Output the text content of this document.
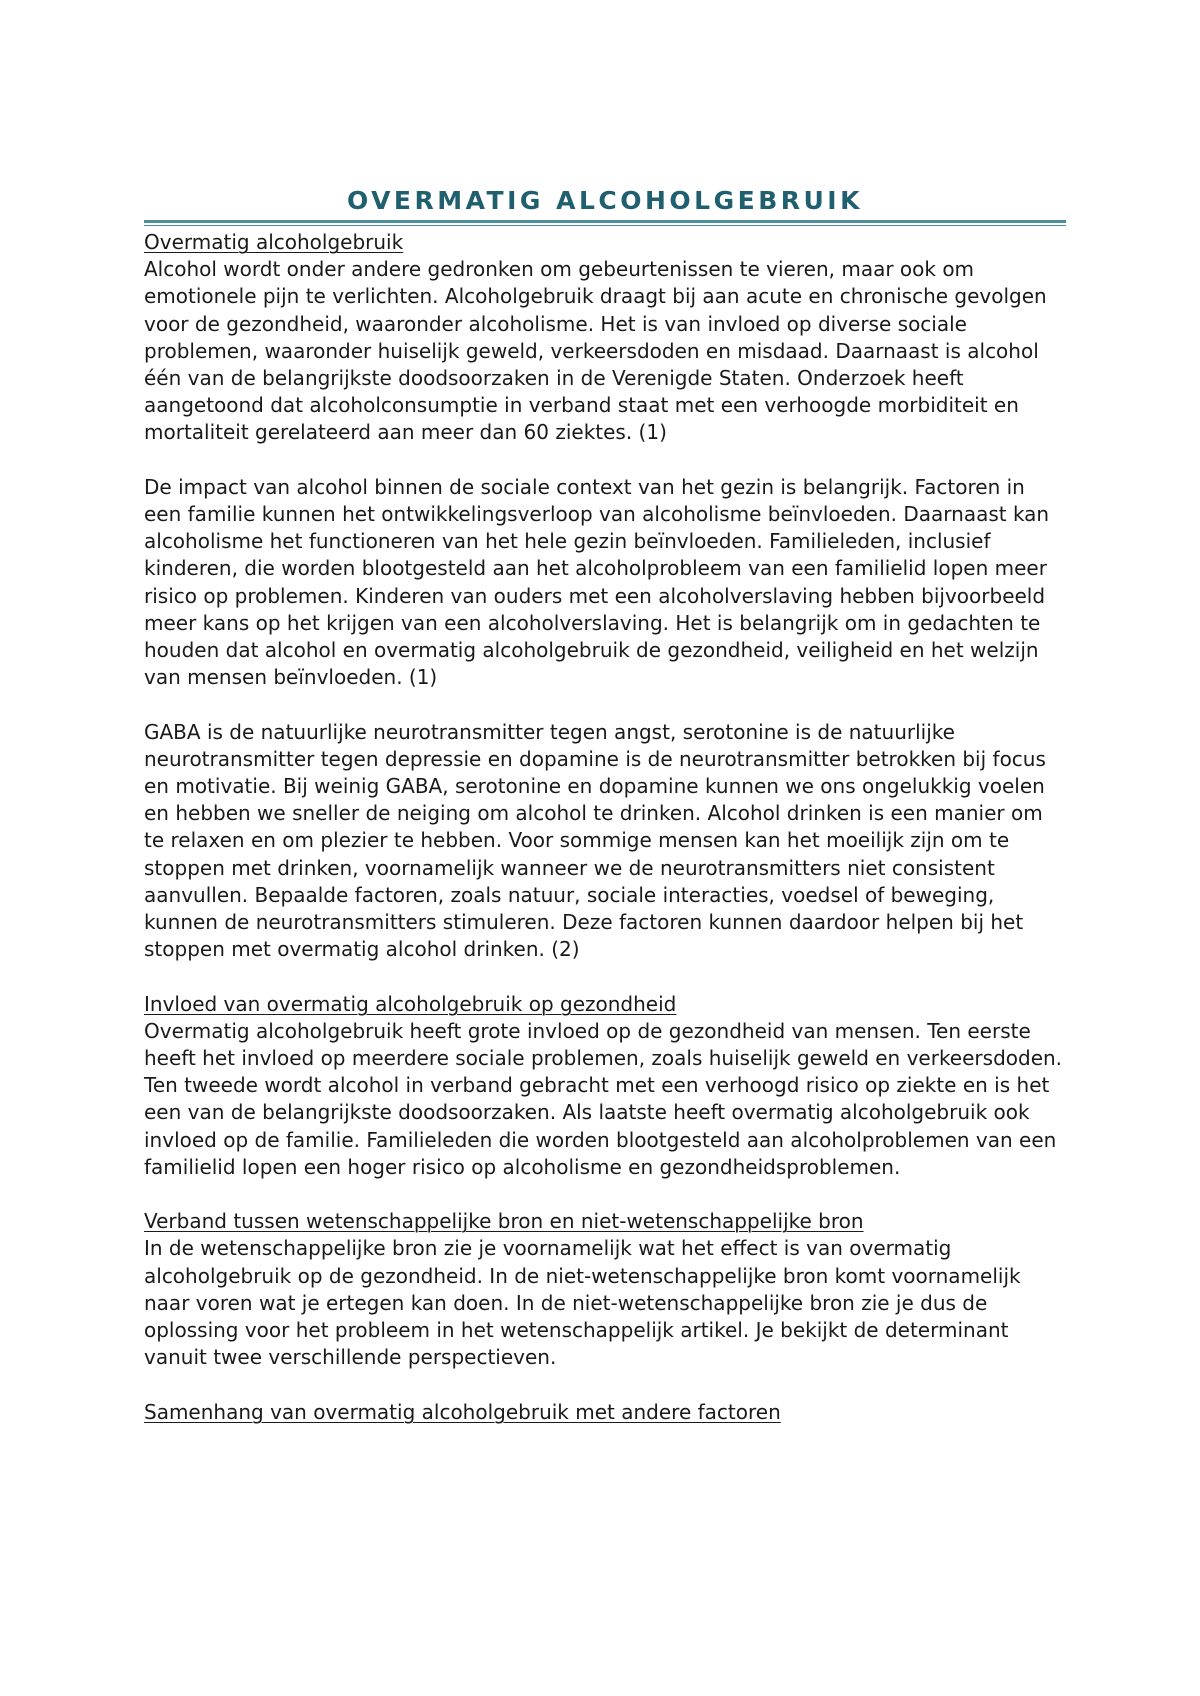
OVERMATIG ALCOHOLGEBRUIK

Overmatig alcoholgebruik

Alcohol wordt onder andere gedronken om gebeurtenissen te vieren, maar ook om emotionele pijn te verlichten. Alcoholgebruik draagt bij aan acute en chronische gevolgen voor de gezondheid, waaronder alcoholisme. Het is van invloed op diverse sociale problemen, waaronder huiselijk geweld, verkeersdoden en misdaad. Daarnaast is alcohol één van de belangrijkste doodsoorzaken in de Verenigde Staten. Onderzoek heeft aangetoond dat alcoholconsumptie in verband staat met een verhoogde morbiditeit en mortaliteit gerelateerd aan meer dan 60 ziektes. (1)

De impact van alcohol binnen de sociale context van het gezin is belangrijk. Factoren in een familie kunnen het ontwikkelingsverloop van alcoholisme beïnvloeden. Daarnaast kan alcoholisme het functioneren van het hele gezin beïnvloeden. Familieleden, inclusief kinderen, die worden blootgesteld aan het alcoholprobleem van een familielid lopen meer risico op problemen. Kinderen van ouders met een alcoholverslaving hebben bijvoorbeeld meer kans op het krijgen van een alcoholverslaving. Het is belangrijk om in gedachten te houden dat alcohol en overmatig alcoholgebruik de gezondheid, veiligheid en het welzijn van mensen beïnvloeden. (1)

GABA is de natuurlijke neurotransmitter tegen angst, serotonine is de natuurlijke neurotransmitter tegen depressie en dopamine is de neurotransmitter betrokken bij focus en motivatie. Bij weinig GABA, serotonine en dopamine kunnen we ons ongelukkig voelen en hebben we sneller de neiging om alcohol te drinken. Alcohol drinken is een manier om te relaxen en om plezier te hebben. Voor sommige mensen kan het moeilijk zijn om te stoppen met drinken, voornamelijk wanneer we de neurotransmitters niet consistent aanvullen. Bepaalde factoren, zoals natuur, sociale interacties, voedsel of beweging, kunnen de neurotransmitters stimuleren. Deze factoren kunnen daardoor helpen bij het stoppen met overmatig alcohol drinken. (2)

Invloed van overmatig alcoholgebruik op gezondheid

Overmatig alcoholgebruik heeft grote invloed op de gezondheid van mensen. Ten eerste heeft het invloed op meerdere sociale problemen, zoals huiselijk geweld en verkeersdoden. Ten tweede wordt alcohol in verband gebracht met een verhoogd risico op ziekte en is het een van de belangrijkste doodsoorzaken. Als laatste heeft overmatig alcoholgebruik ook invloed op de familie. Familieleden die worden blootgesteld aan alcoholproblemen van een familielid lopen een hoger risico op alcoholisme en gezondheidsproblemen.

Verband tussen wetenschappelijke bron en niet-wetenschappelijke bron

In de wetenschappelijke bron zie je voornamelijk wat het effect is van overmatig alcoholgebruik op de gezondheid. In de niet-wetenschappelijke bron komt voornamelijk naar voren wat je ertegen kan doen. In de niet-wetenschappelijke bron zie je dus de oplossing voor het probleem in het wetenschappelijk artikel. Je bekijkt de determinant vanuit twee verschillende perspectieven.

Samenhang van overmatig alcoholgebruik met andere factoren
